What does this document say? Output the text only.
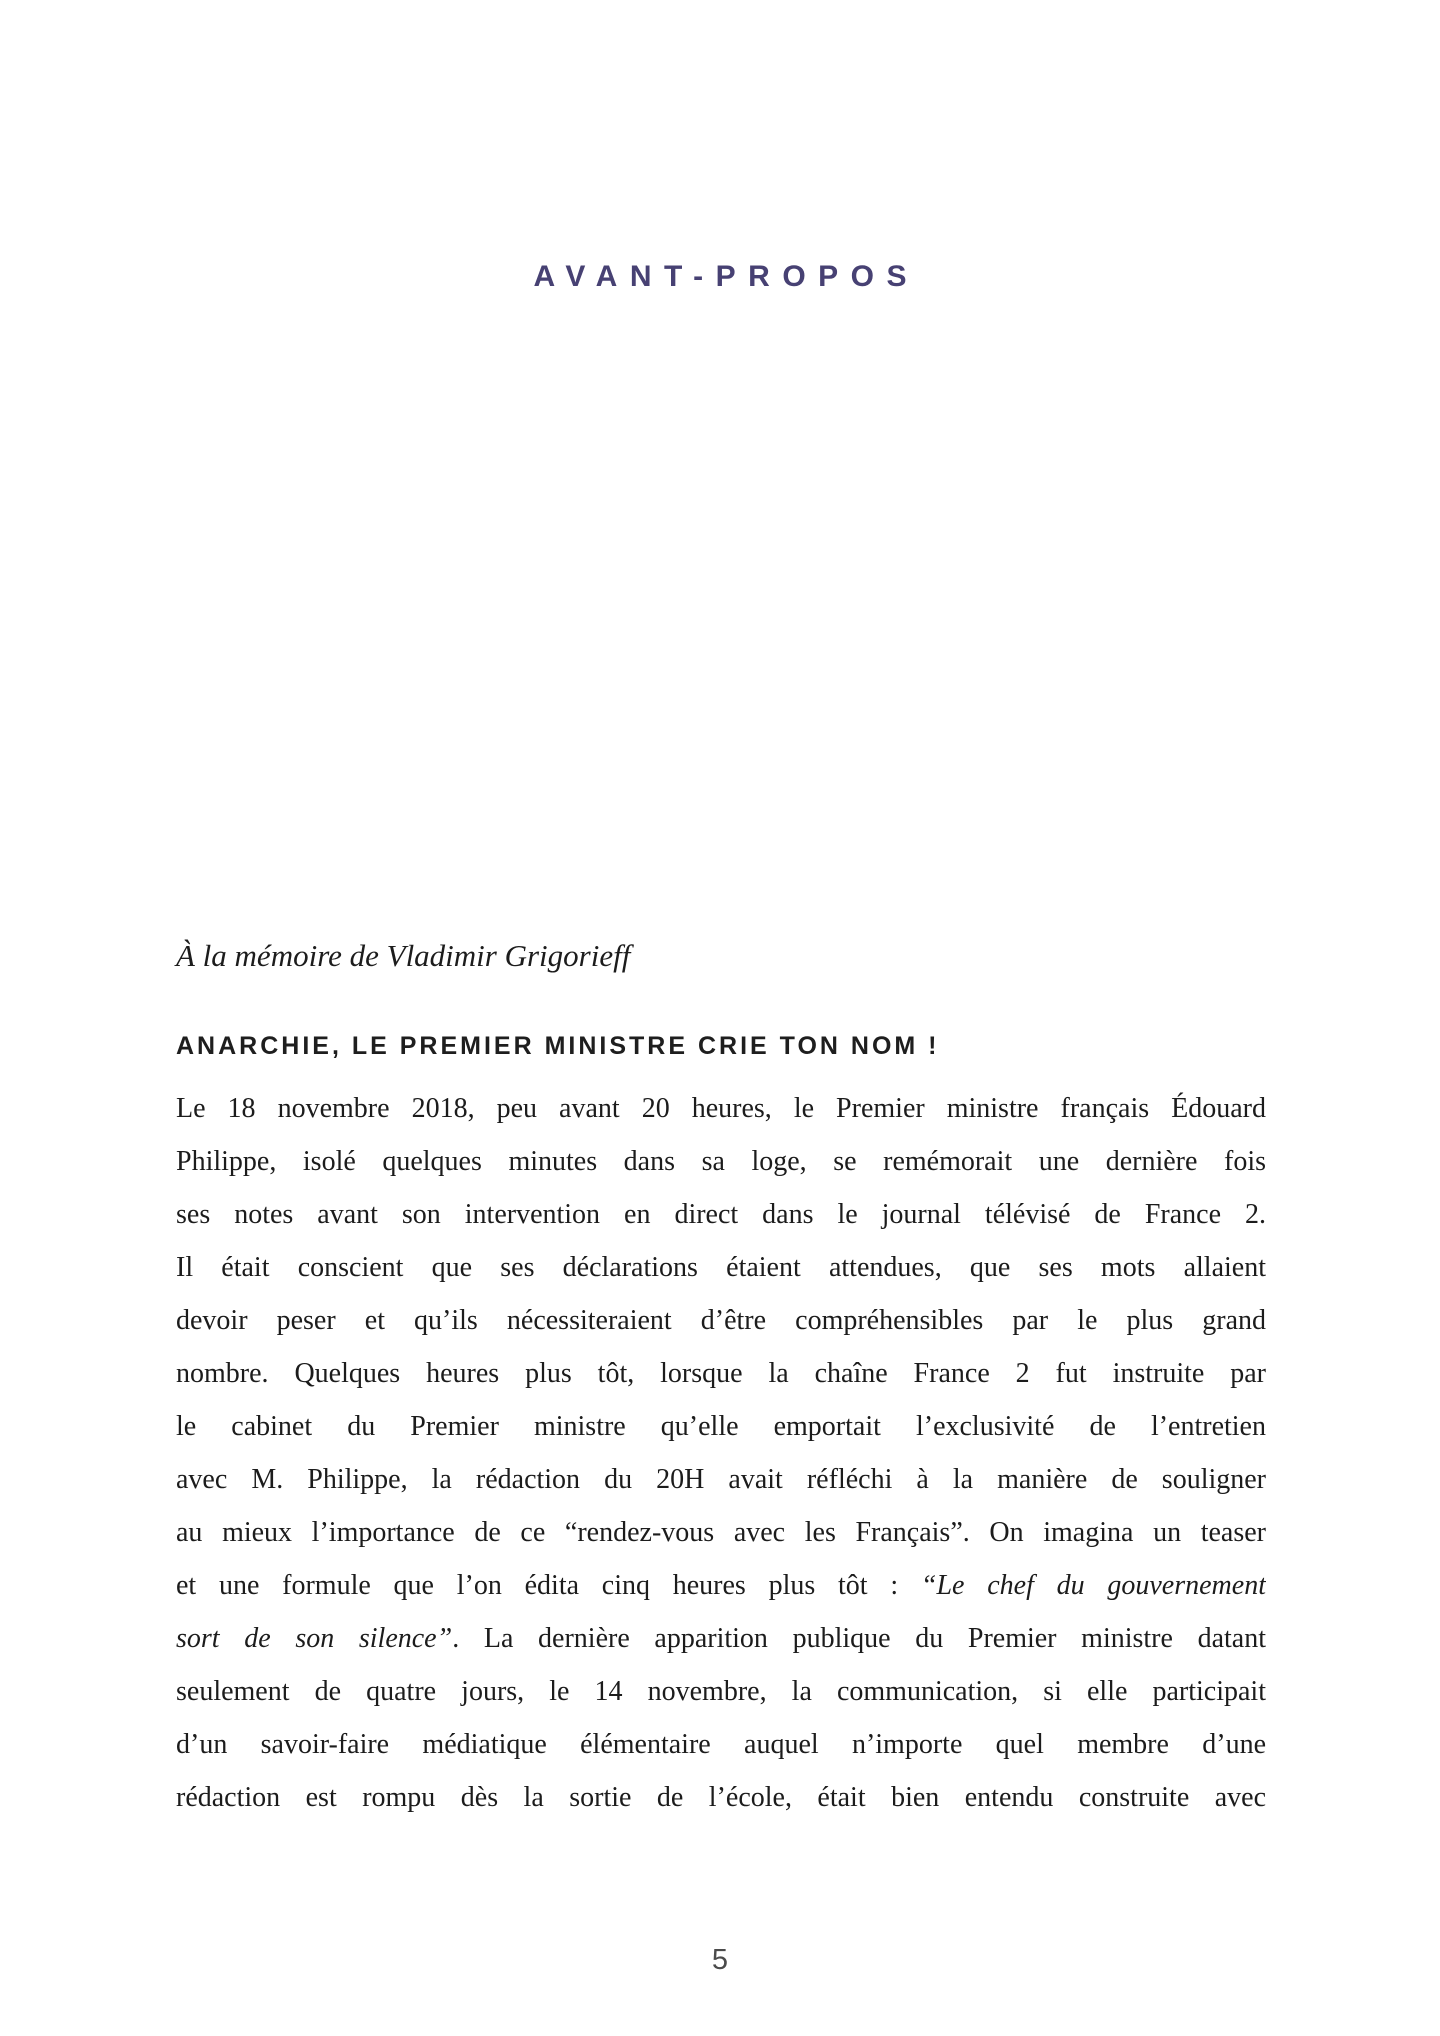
AVANT-PROPOS
À la mémoire de Vladimir Grigorieff
ANARCHIE, LE PREMIER MINISTRE CRIE TON NOM !
Le 18 novembre 2018, peu avant 20 heures, le Premier ministre français Édouard
Philippe, isolé quelques minutes dans sa loge, se remémorait une dernière fois
ses notes avant son intervention en direct dans le journal télévisé de France 2.
Il était conscient que ses déclarations étaient attendues, que ses mots allaient
devoir peser et qu’ils nécessiteraient d’être compréhensibles par le plus grand
nombre. Quelques heures plus tôt, lorsque la chaîne France 2 fut instruite par
le cabinet du Premier ministre qu’elle emportait l’exclusivité de l’entretien
avec M. Philippe, la rédaction du 20H avait réfléchi à la manière de souligner
au mieux l’importance de ce “rendez-vous avec les Français”. On imagina un teaser
et une formule que l’on édita cinq heures plus tôt : “Le chef du gouvernement
sort de son silence”. La dernière apparition publique du Premier ministre datant
seulement de quatre jours, le 14 novembre, la communication, si elle participait
d’un savoir-faire médiatique élémentaire auquel n’importe quel membre d’une
rédaction est rompu dès la sortie de l’école, était bien entendu construite avec
5
